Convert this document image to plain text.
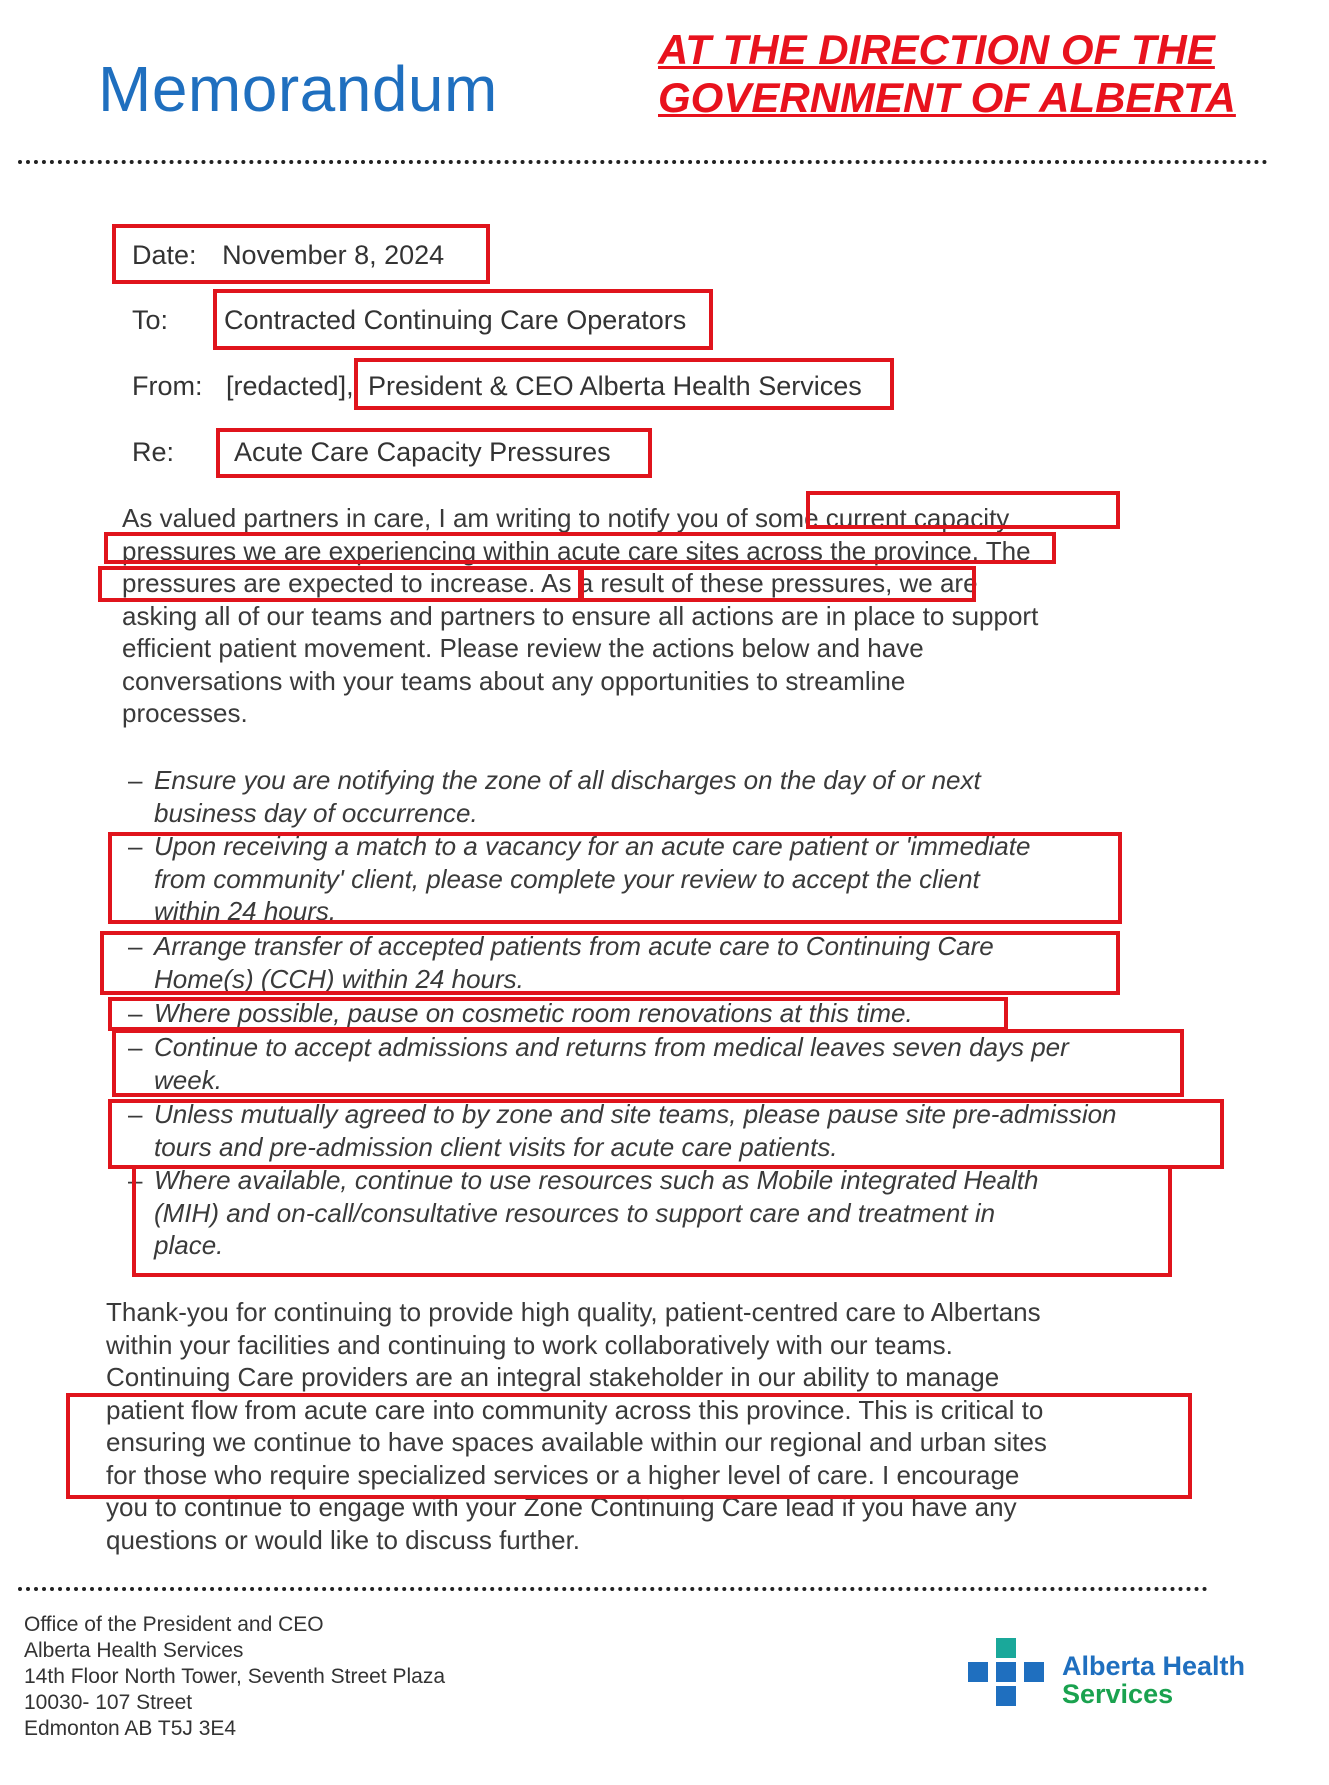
Memorandum
AT THE DIRECTION OF THE
GOVERNMENT OF ALBERTA
Date: November 8, 2024
To: Contracted Continuing Care Operators
From: [redacted], President & CEO Alberta Health Services
Re: Acute Care Capacity Pressures
As valued partners in care, I am writing to notify you of some current capacity
pressures we are experiencing within acute care sites across the province. The
pressures are expected to increase. As a result of these pressures, we are
asking all of our teams and partners to ensure all actions are in place to support
efficient patient movement. Please review the actions below and have
conversations with your teams about any opportunities to streamline
processes.
– Ensure you are notifying the zone of all discharges on the day of or next
business day of occurrence.
– Upon receiving a match to a vacancy for an acute care patient or 'immediate
from community' client, please complete your review to accept the client
within 24 hours.
– Arrange transfer of accepted patients from acute care to Continuing Care
Home(s) (CCH) within 24 hours.
– Where possible, pause on cosmetic room renovations at this time.
– Continue to accept admissions and returns from medical leaves seven days per
week.
– Unless mutually agreed to by zone and site teams, please pause site pre-admission
tours and pre-admission client visits for acute care patients.
– Where available, continue to use resources such as Mobile integrated Health
(MIH) and on-call/consultative resources to support care and treatment in
place.
Thank-you for continuing to provide high quality, patient-centred care to Albertans
within your facilities and continuing to work collaboratively with our teams.
Continuing Care providers are an integral stakeholder in our ability to manage
patient flow from acute care into community across this province. This is critical to
ensuring we continue to have spaces available within our regional and urban sites
for those who require specialized services or a higher level of care. I encourage
you to continue to engage with your Zone Continuing Care lead if you have any
questions or would like to discuss further.
Office of the President and CEO
Alberta Health Services
14th Floor North Tower, Seventh Street Plaza
10030- 107 Street
Edmonton AB T5J 3E4
Alberta Health
Services
